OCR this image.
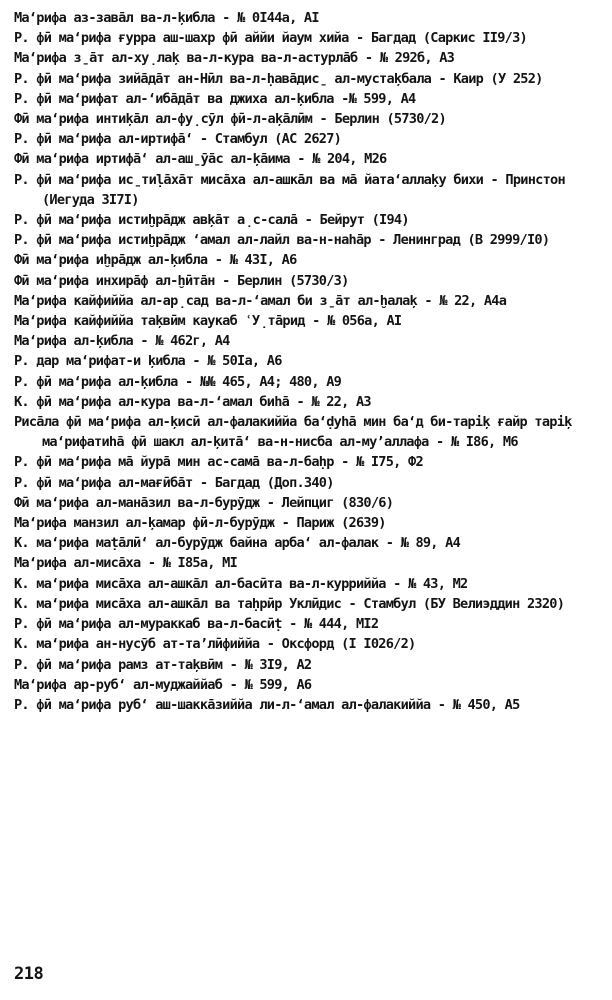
Ма‘рифа аз-завāл ва-л-ķибла - № 0I44а, AI
Р. фӣ ма‘рифа ғурра аш-шахр фӣ аййи йаум хийа - Багдад (Саркис II9/3)
Ма‘рифа з̱āт ал-ху̣лаķ ва-л-кура ва-л-астурлāб - № 292б, A3
Р. фӣ ма‘рифа зийāдāт ан-Нӣл ва-л-ḥавāдис̱ ал-мустаķбала - Каир (У 252)
Р. фӣ ма‘рифат ал-‘ибāдāт ва джиха ал-ķибла -№ 599, A4
Фӣ ма‘рифа интиķāл ал-фу̣сӯл фӣ-л-аķāлӣм - Берлин (5730/2)
Р. фӣ ма‘рифа ал-иртифā‘ - Стамбул (AC 2627)
Фӣ ма‘рифа иртифā‘ ал-аш̱ӯāс ал-ķāима - № 204, M26
Р. фӣ ма‘рифа ис̱тиḷāхāт мисāха ал-ашкāл ва мā йата‘аллаķу бихи - Принстон (Иегуда 3I7I)
Р. фӣ ма‘рифа истиḫрāдж авķāт а̣с-салā - Бейрут (I94)
Р. фӣ ма‘рифа истиḫрāдж ‘амал ал-лайл ва-н-наhāр - Ленинград (В 2999/I0)
Фӣ ма‘рифа иḫрāдж ал-ķибла - № 43I, A6
Фӣ ма‘рифа инхирāф ал-ḫӣтāн - Берлин (5730/3)
Ма‘рифа кайфиййа ал-ар̣сад ва-л-‘амал би з̱āт ал-ḫалаķ - № 22, A4а
Ма‘рифа кайфиййа таķвӣм каукаб ʿУ̣тāрид - № 056а, AI
Ма‘рифа ал-ķибла - № 462г, A4
Р. дар ма‘рифат-и ķибла - № 50Iа, A6
Р. фӣ ма‘рифа ал-ķибла - №№ 465, A4; 480, A9
К. фӣ ма‘рифа ал-кура ва-л-‘амал биhā - № 22, A3
Рисāла фӣ ма‘рифа ал-ķисӣ ал-фалакиййа ба‘ḍуhā мин ба‘д би-таріķ ғайр таріķ ма‘рифатиhā фӣ шакл ал-ķитā‘ ва-н-нисба ал-му’аллафа - № I86, M6
Р. фӣ ма‘рифа мā йурā мин ас-самā ва-л-баḥр - № I75, Ф2
Р. фӣ ма‘рифа ал-мағӣбāт - Багдад (Доп.340)
Фӣ ма‘рифа ал-манāзил ва-л-бурӯдж - Лейпциг (830/6)
Ма‘рифа манзил ал-ķамар фӣ-л-бурӯдж - Париж (2639)
К. ма‘рифа маṭāлӣ‘ ал-бурӯдж байна арба‘ ал-фалак - № 89, A4
Ма‘рифа ал-мисāха - № I85а, MI
К. ма‘рифа мисāха ал-ашкāл ал-басӣта ва-л-курриййа - № 43, M2
К. ма‘рифа мисāха ал-ашкāл ва таḥрӣр Уклӣдис - Стамбул (БУ Велиэддин 2320)
Р. фӣ ма‘рифа ал-мураккаб ва-л-басӣṭ - № 444, MI2
К. ма‘рифа ан-нусӯб ат-та’лӣфиййа - Оксфорд (I I026/2)
Р. фӣ ма‘рифа рамз ат-таķвӣм - № 3I9, A2
Ма‘рифа ар-руб‘ ал-муджаййаб - № 599, A6
Р. фӣ ма‘рифа руб‘ аш-шаккāзиййа ли-л-‘амал ал-фалакиййа - № 450, A5
218
